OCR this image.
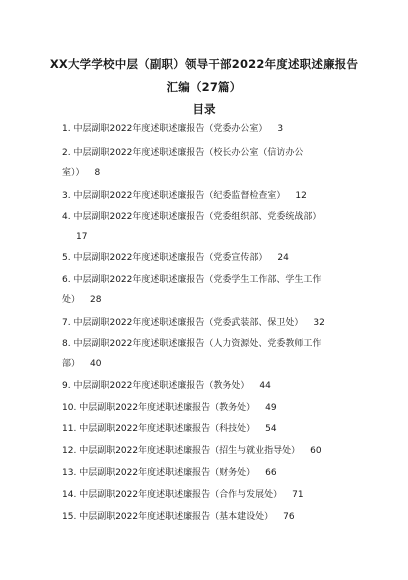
XX大学学校中层（副职）领导干部2022年度述职述廉报告
汇编（27篇）
目录
1. 中层副职2022年度述职述廉报告（党委办公室） 3
2. 中层副职2022年度述职述廉报告（校长办公室（信访办公
室）） 8
3. 中层副职2022年度述职述廉报告（纪委监督检查室） 12
4. 中层副职2022年度述职述廉报告（党委组织部、党委统战部）
17
5. 中层副职2022年度述职述廉报告（党委宣传部） 24
6. 中层副职2022年度述职述廉报告（党委学生工作部、学生工作
处） 28
7. 中层副职2022年度述职述廉报告（党委武装部、保卫处） 32
8. 中层副职2022年度述职述廉报告（人力资源处、党委教师工作
部） 40
9. 中层副职2022年度述职述廉报告（教务处） 44
10. 中层副职2022年度述职述廉报告（教务处） 49
11. 中层副职2022年度述职述廉报告（科技处） 54
12. 中层副职2022年度述职述廉报告（招生与就业指导处） 60
13. 中层副职2022年度述职述廉报告（财务处） 66
14. 中层副职2022年度述职述廉报告（合作与发展处） 71
15. 中层副职2022年度述职述廉报告（基本建设处） 76
